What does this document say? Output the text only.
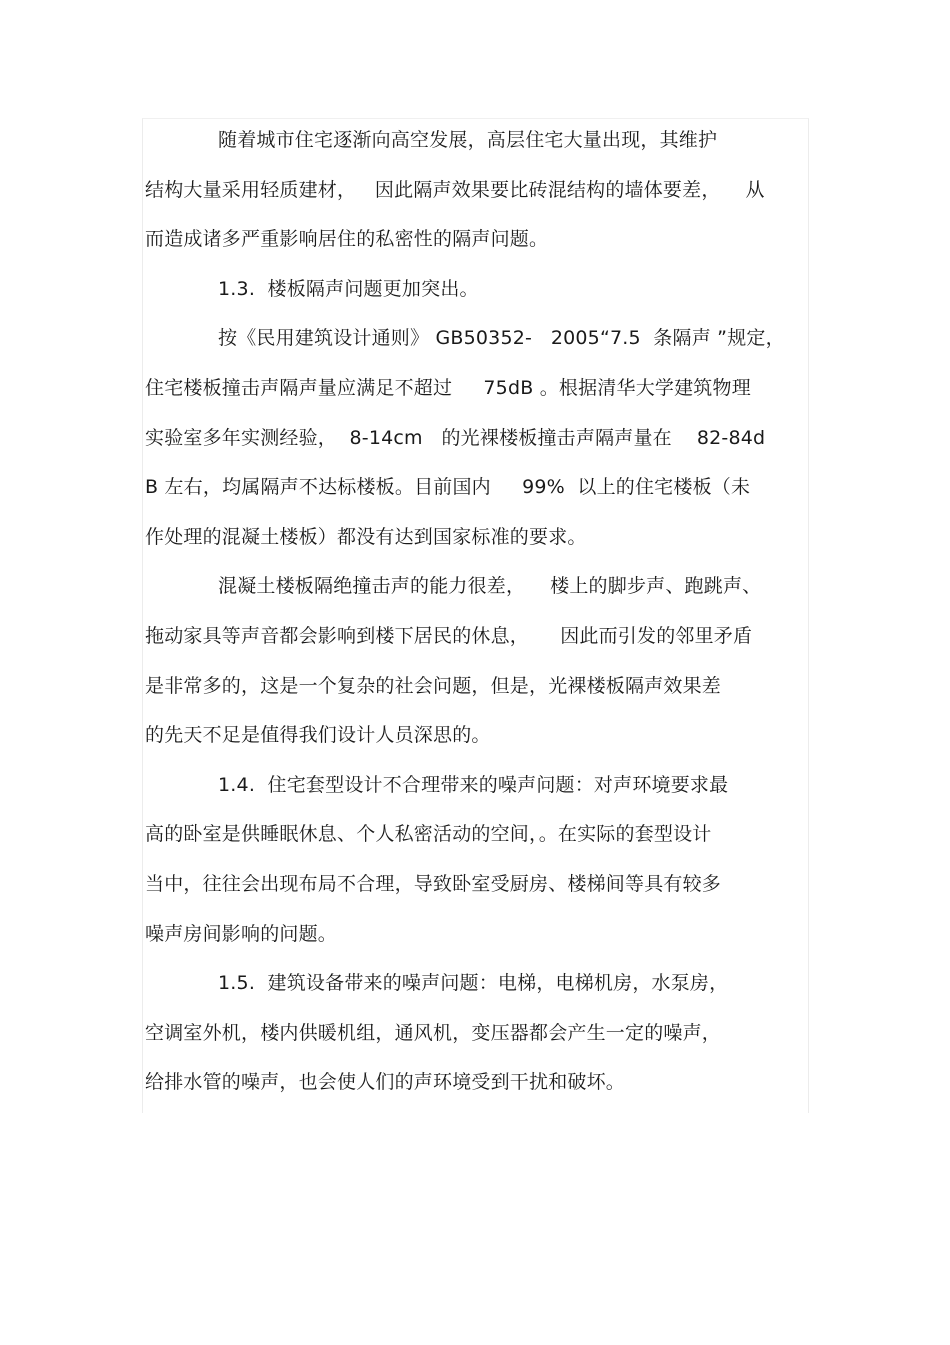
随着城市住宅逐渐向高空发展，高层住宅大量出现，其维护
结构大量采用轻质建材，   因此隔声效果要比砖混结构的墙体要差，    从
而造成诸多严重影响居住的私密性的隔声问题。
1.3.  楼板隔声问题更加突出。
按《民用建筑设计通则》 GB50352-   2005“7.5  条隔声 ”规定，
住宅楼板撞击声隔声量应满足不超过     75dB 。根据清华大学建筑物理
实验室多年实测经验，  8-14cm   的光裸楼板撞击声隔声量在    82-84d
B 左右，均属隔声不达标楼板。目前国内     99%  以上的住宅楼板（未
作处理的混凝土楼板）都没有达到国家标准的要求。
混凝土楼板隔绝撞击声的能力很差，    楼上的脚步声、跑跳声、
拖动家具等声音都会影响到楼下居民的休息，     因此而引发的邻里矛盾
是非常多的，这是一个复杂的社会问题，但是，光裸楼板隔声效果差
的先天不足是值得我们设计人员深思的。
1.4.  住宅套型设计不合理带来的噪声问题：对声环境要求最
高的卧室是供睡眠休息、个人私密活动的空间，。在实际的套型设计
当中，往往会出现布局不合理，导致卧室受厨房、楼梯间等具有较多
噪声房间影响的问题。
1.5.  建筑设备带来的噪声问题：电梯，电梯机房，水泵房，
空调室外机，楼内供暖机组，通风机，变压器都会产生一定的噪声，
给排水管的噪声，也会使人们的声环境受到干扰和破坏。
